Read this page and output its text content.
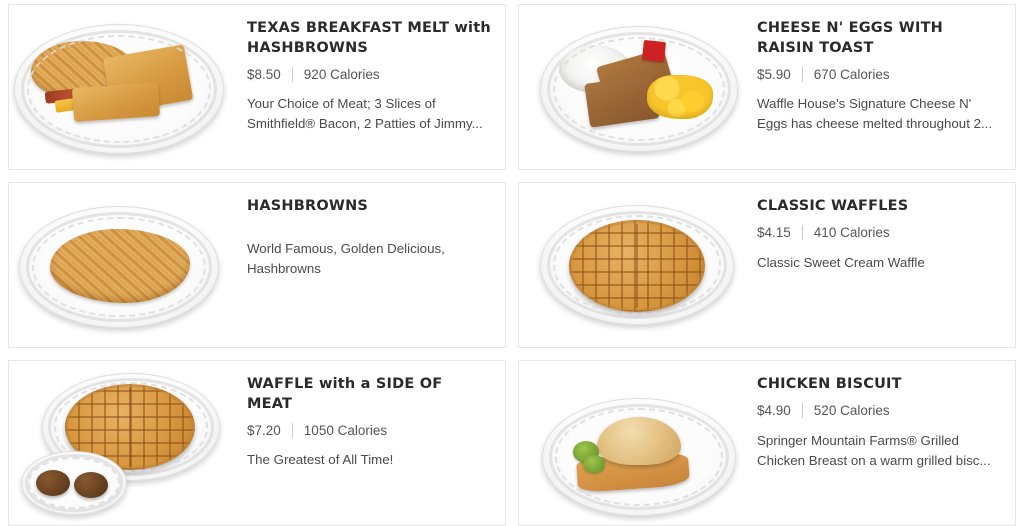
TEXAS BREAKFAST MELT with HASHBROWNS
$8.50 920 Calories
Your Choice of Meat; 3 Slices of Smithfield® Bacon, 2 Patties of Jimmy...
CHEESE N' EGGS WITH RAISIN TOAST
$5.90 670 Calories
Waffle House's Signature Cheese N' Eggs has cheese melted throughout 2...
HASHBROWNS
World Famous, Golden Delicious, Hashbrowns
CLASSIC WAFFLES
$4.15 410 Calories
Classic Sweet Cream Waffle
WAFFLE with a SIDE OF MEAT
$7.20 1050 Calories
The Greatest of All Time!
CHICKEN BISCUIT
$4.90 520 Calories
Springer Mountain Farms® Grilled Chicken Breast on a warm grilled bisc...
